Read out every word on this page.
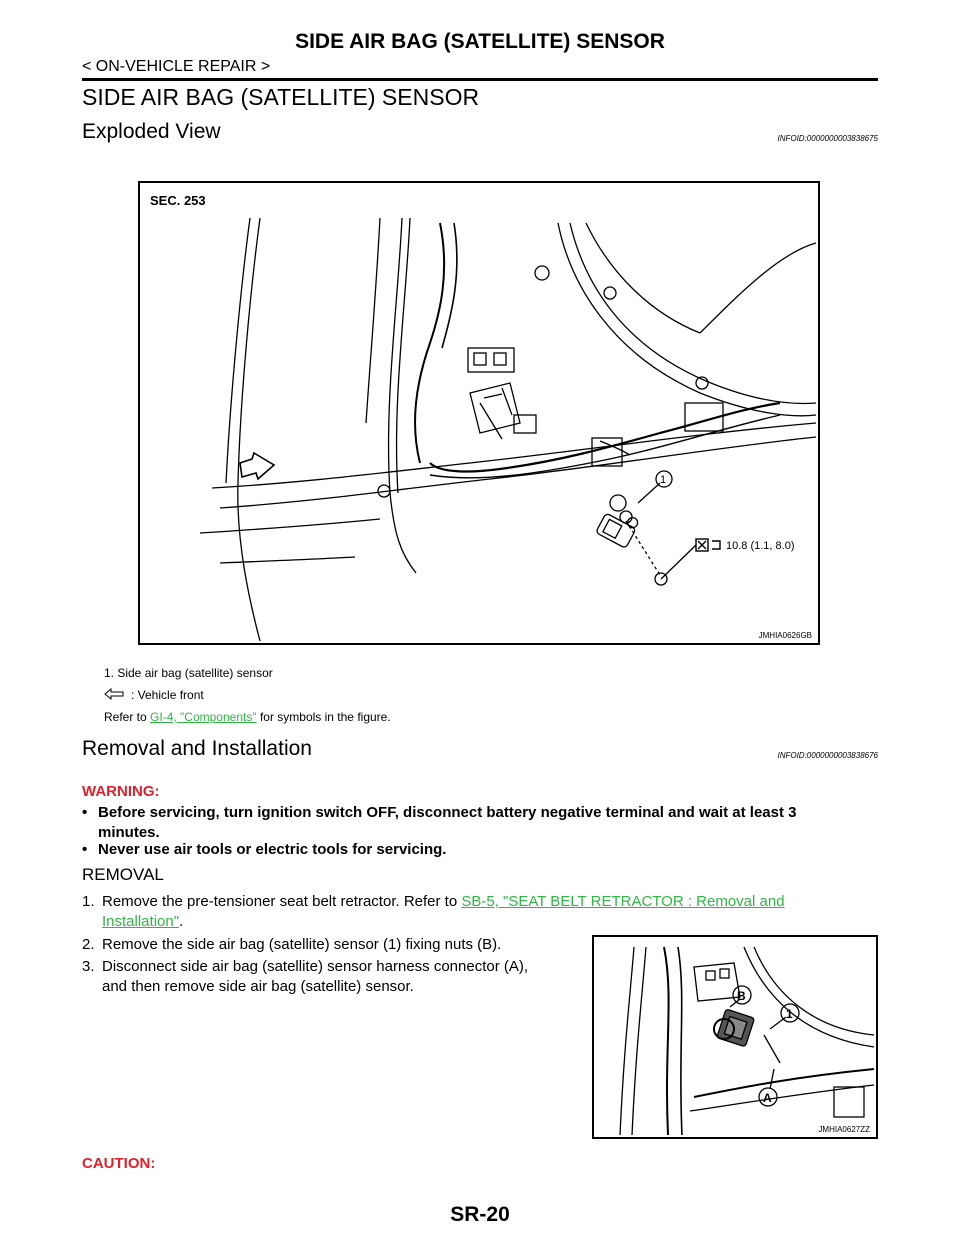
SIDE AIR BAG (SATELLITE) SENSOR
< ON-VEHICLE REPAIR >
SIDE AIR BAG (SATELLITE) SENSOR
Exploded View	INFOID:0000000003838675
SEC. 253
1
10.8 (1.1, 8.0)
JMHIA0626GB
1. Side air bag (satellite) sensor
: Vehicle front
Refer to GI-4, "Components" for symbols in the figure.
Removal and Installation	INFOID:0000000003838676
WARNING:
• Before servicing, turn ignition switch OFF, disconnect battery negative terminal and wait at least 3
minutes.
• Never use air tools or electric tools for servicing.
REMOVAL
1. Remove the pre-tensioner seat belt retractor. Refer to SB-5, "SEAT BELT RETRACTOR : Removal and
Installation".
2. Remove the side air bag (satellite) sensor (1) fixing nuts (B).
3. Disconnect side air bag (satellite) sensor harness connector (A),
and then remove side air bag (satellite) sensor.
B
1
A
JMHIA0627ZZ
CAUTION:
SR-20
